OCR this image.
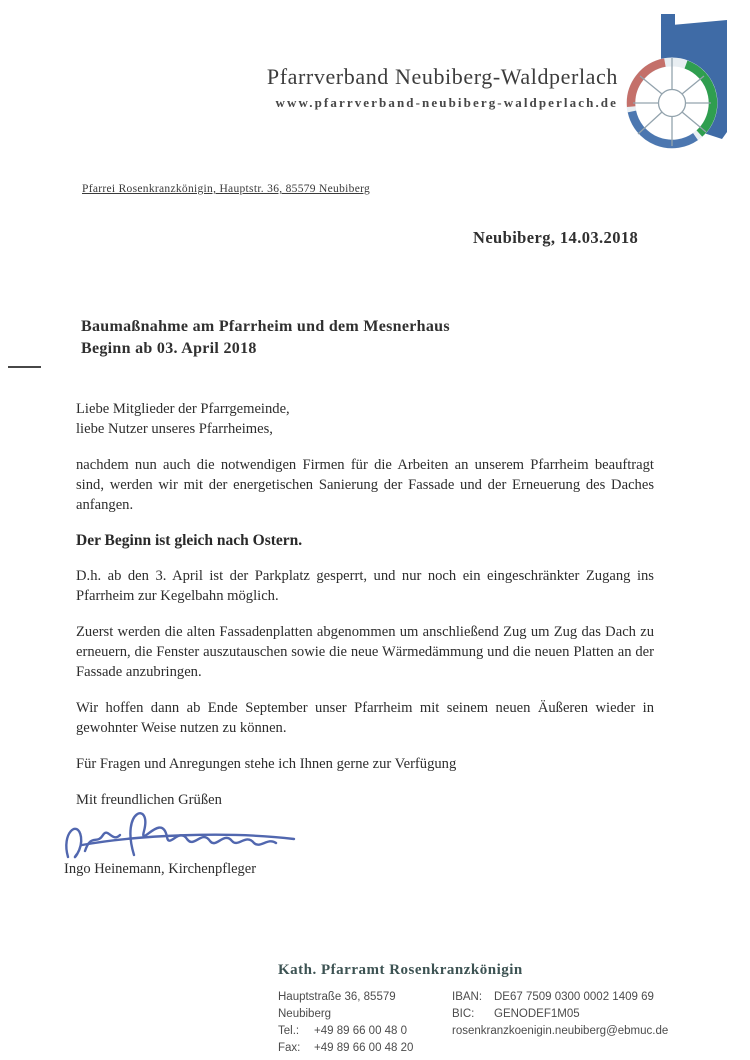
Pfarrverband Neubiberg-Waldperlach
www.pfarrverband-neubiberg-waldperlach.de
Pfarrei Rosenkranzkönigin, Hauptstr. 36, 85579 Neubiberg
Neubiberg, 14.03.2018
Baumaßnahme am Pfarrheim und dem Mesnerhaus
Beginn ab 03. April 2018

Liebe Mitglieder der Pfarrgemeinde,
liebe Nutzer unseres Pfarrheimes,

nachdem nun auch die notwendigen Firmen für die Arbeiten an unserem Pfarrheim beauftragt sind, werden wir mit der energetischen Sanierung der Fassade und der Erneuerung des Daches anfangen.

Der Beginn ist gleich nach Ostern.

D.h. ab den 3. April ist der Parkplatz gesperrt, und nur noch ein eingeschränkter Zugang ins Pfarrheim zur Kegelbahn möglich.

Zuerst werden die alten Fassadenplatten abgenommen um anschließend Zug um Zug das Dach zu erneuern, die Fenster auszutauschen sowie die neue Wärmedämmung und die neuen Platten an der Fassade anzubringen.

Wir hoffen dann ab Ende September unser Pfarrheim mit seinem neuen Äußeren wieder in gewohnter Weise nutzen zu können.

Für Fragen und Anregungen stehe ich Ihnen gerne zur Verfügung

Mit freundlichen Grüßen

Ingo Heinemann, Kirchenpfleger
Kath. Pfarramt Rosenkranzkönigin
Hauptstraße 36, 85579 Neubiberg
Tel.:	+49 89 66 00 48 0
Fax:	+49 89 66 00 48 20
IBAN:	DE67 7509 0300 0002 1409 69
BIC:	GENODEF1M05
rosenkranzkoenigin.neubiberg@ebmuc.de
